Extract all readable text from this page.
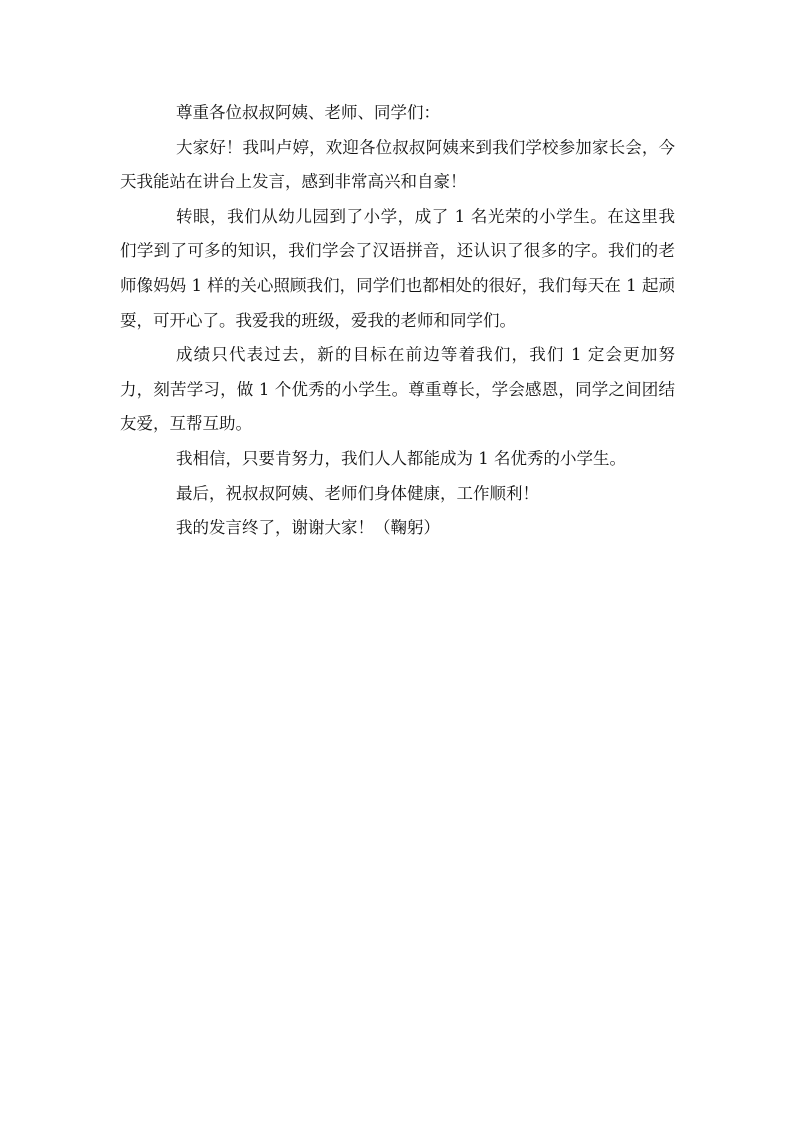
尊重各位叔叔阿姨、老师、同学们：

大家好！我叫卢婷，欢迎各位叔叔阿姨来到我们学校参加家长会，今天我能站在讲台上发言，感到非常高兴和自豪！

转眼，我们从幼儿园到了小学，成了 1 名光荣的小学生。在这里我们学到了可多的知识，我们学会了汉语拼音，还认识了很多的字。我们的老师像妈妈 1 样的关心照顾我们，同学们也都相处的很好，我们每天在 1 起顽耍，可开心了。我爱我的班级，爱我的老师和同学们。

成绩只代表过去，新的目标在前边等着我们，我们 1 定会更加努力，刻苦学习，做 1 个优秀的小学生。尊重尊长，学会感恩，同学之间团结友爱，互帮互助。

我相信，只要肯努力，我们人人都能成为 1 名优秀的小学生。

最后，祝叔叔阿姨、老师们身体健康，工作顺利！

我的发言终了，谢谢大家！（鞠躬）
